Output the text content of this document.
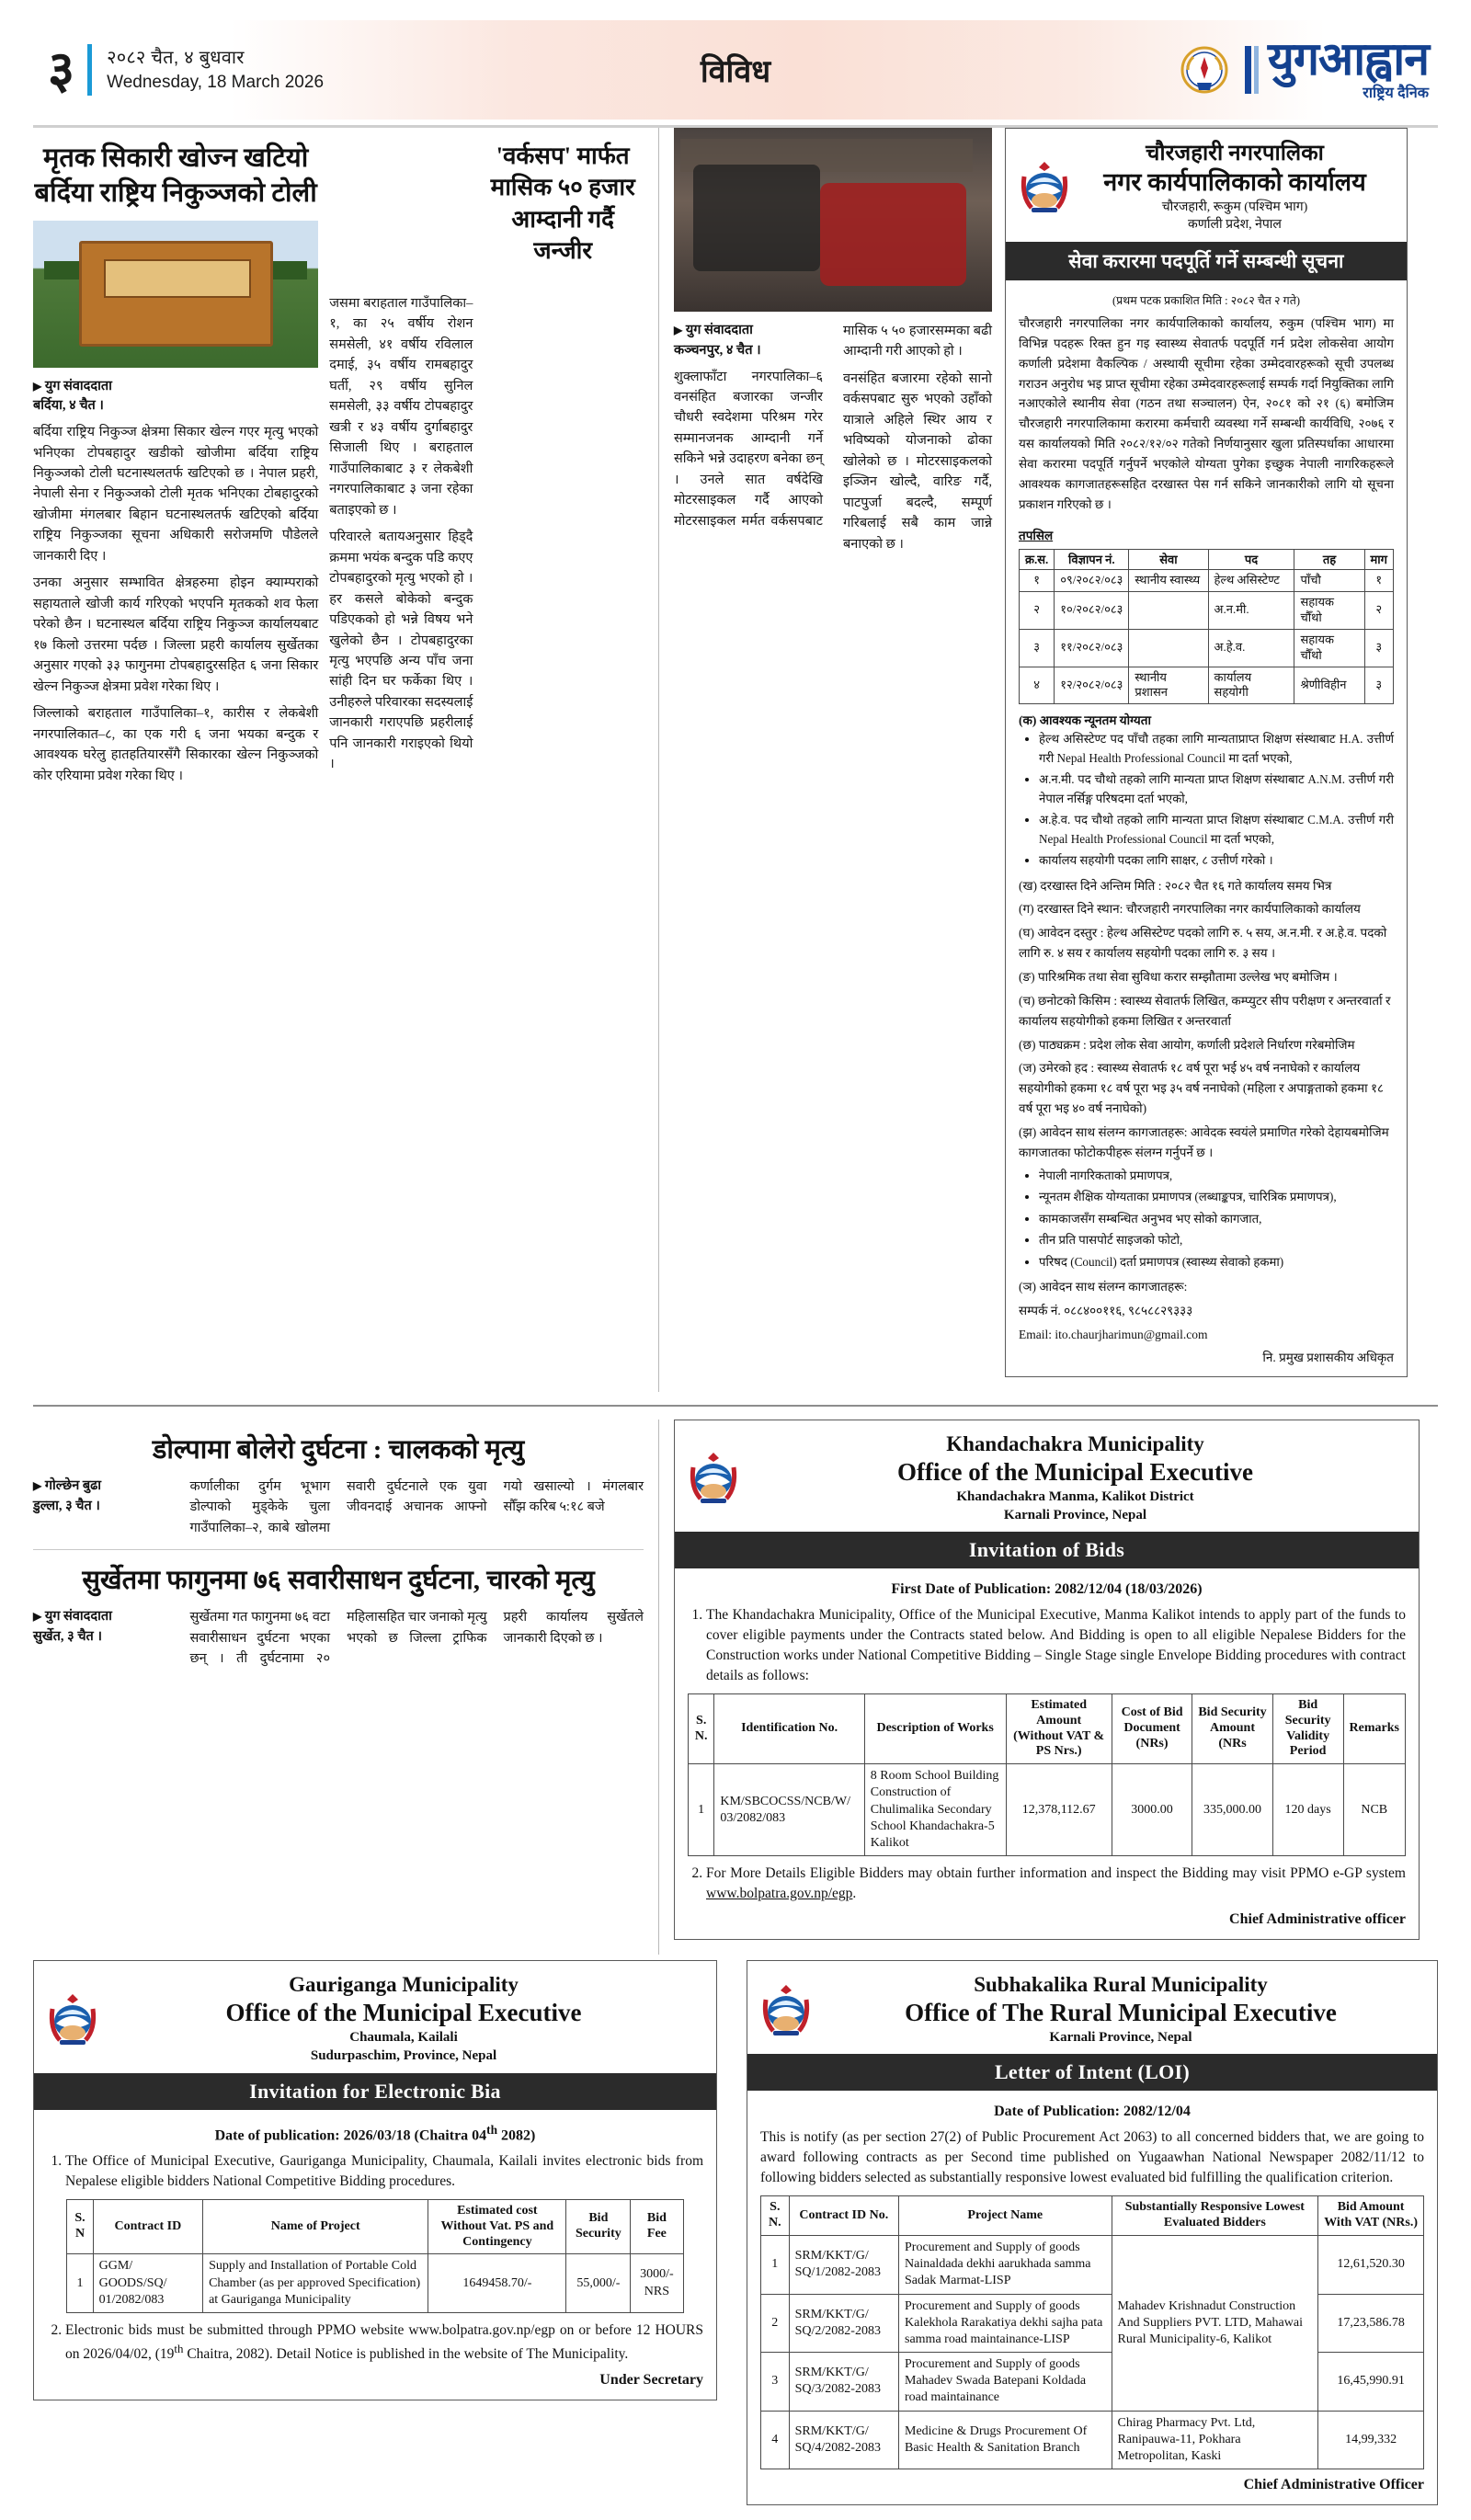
३	२०८२ चैत, ४ बुधवार
Wednesday, 18 March 2026	विविध	युगआह्वान
राष्ट्रिय दैनिक
मृतक सिकारी खोज्न खटियो
बर्दिया राष्ट्रिय निकुञ्जको टोली
▶ युग संवाददाता
बर्दिया, ४ चैत ।

बर्दिया राष्ट्रिय निकुञ्ज क्षेत्रमा सिकार खेल्न गएर मृत्यु भएको भनिएका टोपबहादुर खडीको खोजीमा बर्दिया राष्ट्रिय निकुञ्जको टोली घटनास्थलतर्फ खटिएको छ । नेपाल प्रहरी, नेपाली सेना र निकुञ्जको टोली मृतक भनिएका टोबहादुरको खोजीमा मंगलबार बिहान घटनास्थलतर्फ खटिएको बर्दिया राष्ट्रिय निकुञ्जका सूचना अधिकारी सरोजमणि पौडेलले जानकारी दिए ।

उनका अनुसार सम्भावित क्षेत्रहरुमा होइन क्याम्पराको सहायताले खोजी कार्य गरिएको भएपनि मृतकको शव फेला परेको छैन । घटनास्थल बर्दिया राष्ट्रिय निकुञ्ज कार्यालयबाट १७ किलो उत्तरमा पर्दछ । जिल्ला प्रहरी कार्यालय सुर्खेतका अनुसार गएको ३३ फागुनमा टोपबहादुरसहित ६ जना सिकार खेल्न निकुञ्ज क्षेत्रमा प्रवेश गरेका थिए ।

जिल्लाको बराहताल गाउँपालिका–१, कारीस र लेकबेशी नगरपालिकात–८, का एक गरी ६ जना भयका बन्दुक र आवश्यक घरेलु हातहतियारसँगै सिकारका खेल्न निकुञ्जको कोर एरियामा प्रवेश गरेका थिए ।

जसमा बराहताल गाउँपालिका–१, का २५ वर्षीय रोशन समसेली, ४१ वर्षीय रविलाल दमाई, ३५ वर्षीय रामबहादुर घर्ती, २९ वर्षीय सुनिल समसेली, ३३ वर्षीय टोपबहादुर खत्री र ४३ वर्षीय दुर्गाबहादुर सिजाली थिए । बराहताल गाउँपालिकाबाट ३ र लेकबेशी नगरपालिकाबाट ३ जना रहेका बताइएको छ ।

परिवारले बतायअनुसार हिड्दै क्रममा भयंक बन्दुक पडि कएए टोपबहादुरको मृत्यु भएको हो । हर कसले बोकेको बन्दुक पडिएकको हो भन्ने विषय भने खुलेको छैन । टोपबहादुरका मृत्यु भएपछि अन्य पाँच जना सांही दिन घर फर्केका थिए । उनीहरुले परिवारका सदस्यलाई जानकारी गराएपछि प्रहरीलाई पनि जानकारी गराइएको थियो ।

'वर्कसप' मार्फत मासिक ५० हजार आम्दानी गर्दै जन्जीर
▶ युग संवाददाता
कञ्चनपुर, ४ चैत ।

शुक्लाफाँटा नगरपालिका–६ वनसंहित बजारका जन्जीर चौधरी स्वदेशमा परिश्रम गरेर सम्मानजनक आम्दानी गर्ने सकिने भन्ने उदाहरण बनेका छन् । उनले सात वर्षदेखि मोटरसाइकल गर्दै आएको मोटरसाइकल मर्मत वर्कसपबाट मासिक ५ ५० हजारसम्मका बढी आम्दानी गरी आएको हो ।

वनसंहित बजारमा रहेको सानो वर्कसपबाट सुरु भएको उहाँको यात्राले अहिले स्थिर आय र भविष्यको योजनाको ढोका खोलेको छ । मोटरसाइकलको इञ्जिन खोल्दै, वारिङ गर्दै, पाटपुर्जा बदल्दै, सम्पूर्ण गरिबलाई सबै काम जान्ने बनाएको छ ।

चौरजहारी नगरपालिका
नगर कार्यपालिकाको कार्यालय
चौरजहारी, रूकुम (पश्चिम भाग)
कर्णाली प्रदेश, नेपाल
सेवा करारमा पदपूर्ति गर्ने सम्बन्धी सूचना
(प्रथम पटक प्रकाशित मिति : २०८२ चैत २ गते)

चौरजहारी नगरपालिका नगर कार्यपालिकाको कार्यालय, रुकुम (पश्चिम भाग) मा विभिन्न पदहरू रिक्त हुन गइ स्वास्थ्य सेवातर्फ पदपूर्ति गर्न प्रदेश लोकसेवा आयोग कर्णाली प्रदेशमा वैकल्पिक / अस्थायी सूचीमा रहेका उम्मेदवारहरूको सूची उपलब्ध गराउन अनुरोध भइ प्राप्त सूचीमा रहेका उम्मेदवारहरूलाई सम्पर्क गर्दा नियुक्तिका लागि नआएकोले स्थानीय सेवा (गठन तथा सञ्चालन) ऐन, २०८१ को २१ (६) बमोजिम चौरजहारी नगरपालिकामा करारमा कर्मचारी व्यवस्था गर्ने सम्बन्धी कार्यविधि, २०७६ र यस कार्यालयको मिति २०८२/१२/०२ गतेको निर्णयानुसार खुला प्रतिस्पर्धाका आधारमा सेवा करारमा पदपूर्ति गर्नुपर्ने भएकोले योग्यता पुगेका इच्छुक नेपाली नागरिकहरूले आवश्यक कागजातहरूसहित दरखास्त पेस गर्न सकिने जानकारीको लागि यो सूचना प्रकाशन गरिएको छ ।

तपसिल
क्र.स.	विज्ञापन नं.	सेवा	पद	तह	माग
१	०९/२०८२/०८३	स्थानीय स्वास्थ्य	हेल्थ असिस्टेण्ट	पाँचौ	१
२	१०/२०८२/०८३		अ.न.मी.	सहायक चौँथो	२
३	११/२०८२/०८३		अ.हे.व.	सहायक चौँथो	३
४	१२/२०८२/०८३	स्थानीय प्रशासन	कार्यालय सहयोगी	श्रेणीविहीन	३
(क) आवश्यक न्यूनतम योग्यता
• हेल्थ असिस्टेण्ट पद पाँचौ तहका लागि मान्यताप्राप्त शिक्षण संस्थाबाट H.A. उत्तीर्ण गरी Nepal Health Professional Council मा दर्ता भएको,
• अ.न.मी. पद चौथो तहको लागि मान्यता प्राप्त शिक्षण संस्थाबाट A.N.M. उत्तीर्ण गरी नेपाल नर्सिङ्ग परिषदमा दर्ता भएको,
• अ.हे.व. पद चौथो तहको लागि मान्यता प्राप्त शिक्षण संस्थाबाट C.M.A. उत्तीर्ण गरी Nepal Health Professional Council मा दर्ता भएको,
• कार्यालय सहयोगी पदका लागि साक्षर, ८ उत्तीर्ण गरेको ।
(ख) दरखास्त दिने अन्तिम मिति : २०८२ चैत १६ गते कार्यालय समय भित्र
(ग) दरखास्त दिने स्थान: चौरजहारी नगरपालिका नगर कार्यपालिकाको कार्यालय
(घ) आवेदन दस्तुर : हेल्थ असिस्टेण्ट पदको लागि रु. ५ सय, अ.न.मी. र अ.हे.व. पदको लागि रु. ४ सय र कार्यालय सहयोगी पदका लागि रु. ३ सय ।
(ङ) पारिश्रमिक तथा सेवा सुविधा करार सम्झौतामा उल्लेख भए बमोजिम ।
(च) छनोटको किसिम : स्वास्थ्य सेवातर्फ लिखित, कम्प्युटर सीप परीक्षण र अन्तरवार्ता र कार्यालय सहयोगीको हकमा लिखित र अन्तरवार्ता
(छ) पाठ्यक्रम : प्रदेश लोक सेवा आयोग, कर्णाली प्रदेशले निर्धारण गरेबमोजिम
(ज) उमेरको हद : स्वास्थ्य सेवातर्फ १८ वर्ष पूरा भई ४५ वर्ष ननाघेको र कार्यालय सहयोगीको हकमा १८ वर्ष पूरा भइ ३५ वर्ष ननाघेको (महिला र अपाङ्गताको हकमा १८ वर्ष पूरा भइ ४० वर्ष ननाघेको)
(झ) आवेदन साथ संलग्न कागजातहरू: आवेदक स्वयंले प्रमाणित गरेको देहायबमोजिम कागजातका फोटोकपीहरू संलग्न गर्नुपर्ने छ ।
• नेपाली नागरिकताको प्रमाणपत्र,
• न्यूनतम शैक्षिक योग्यताका प्रमाणपत्र (लब्धाङ्कपत्र, चारित्रिक प्रमाणपत्र),
• कामकाजसँग सम्बन्धित अनुभव भए सोको कागजात,
• तीन प्रति पासपोर्ट साइजको फोटो,
• परिषद (Council) दर्ता प्रमाणपत्र (स्वास्थ्य सेवाको हकमा)
(ञ) आवेदन साथ संलग्न कागजातहरू:
सम्पर्क नं. ०८८४००११६, ९८५८८२९३३३
Email: ito.chaurjharimun@gmail.com
नि. प्रमुख प्रशासकीय अधिकृत
डोल्पामा बोलेरो दुर्घटना : चालकको मृत्यु
▶ गोल्छेन बुढा
डुल्ला, ३ चैत ।

कर्णालीका दुर्गम भूभाग डोल्पाको मुड्केके चुला गाउँपालिका–२, काबे खोलमा सवारी दुर्घटनाले एक युवा जीवनदाई अचानक आफ्नो गयो खसाल्यो । मंगलबार सौँझ करिब ५:१८ बजे

सुर्खेतमा फागुनमा ७६ सवारीसाधन दुर्घटना, चारको मृत्यु
▶ युग संवाददाता
सुर्खेत, ३ चैत ।

सुर्खेतमा गत फागुनमा ७६ वटा सवारीसाधन दुर्घटना भएका छन् । ती दुर्घटनामा २० महिलासहित चार जनाको मृत्यु भएको छ जिल्ला ट्राफिक प्रहरी कार्यालय सुर्खेतले जानकारी दिएको छ ।

Khandachakra Municipality
Office of the Municipal Executive
Khandachakra Manma, Kalikot District
Karnali Province, Nepal
Invitation of Bids
First Date of Publication: 2082/12/04 (18/03/2026)
1. The Khandachakra Municipality, Office of the Municipal Executive, Manma Kalikot intends to apply part of the funds to cover eligible payments under the Contracts stated below. And Bidding is open to all eligible Nepalese Bidders for the Construction works under National Competitive Bidding – Single Stage single Envelope Bidding procedures with contract details as follows:
S. N.	Identification No.	Description of Works	Estimated Amount (Without VAT & PS Nrs.)	Cost of Bid Document (NRs)	Bid Security Amount (NRs	Bid Security Validity Period	Remarks
1	KM/SBCOCSS/NCB/W/ 03/2082/083	8 Room School Building Construction of Chulimalika Secondary School Khandachakra-5 Kalikot	12,378,112.67	3000.00	335,000.00	120 days	NCB
2. For More Details Eligible Bidders may obtain further information and inspect the Bidding may visit PPMO e-GP system www.bolpatra.gov.np/egp.
Chief Administrative officer
Gauriganga Municipality
Office of the Municipal Executive
Chaumala, Kailali
Sudurpaschim, Province, Nepal
Invitation for Electronic Bia
Date of publication: 2026/03/18 (Chaitra 04th 2082)
1. The Office of Municipal Executive, Gauriganga Municipality, Chaumala, Kailali invites electronic bids from Nepalese eligible bidders National Competitive Bidding procedures.
S. N	Contract ID	Name of Project	Estimated cost Without Vat. PS and Contingency	Bid Security	Bid Fee
1	GGM/ GOODS/SQ/ 01/2082/083	Supply and Installation of Portable Cold Chamber (as per approved Specification) at Gauriganga Municipality	1649458.70/-	55,000/-	3000/-NRS
2. Electronic bids must be submitted through PPMO website www.bolpatra.gov.np/egp on or before 12 HOURS on 2026/04/02, (19th Chaitra, 2082). Detail Notice is published in the website of The Municipality.
Under Secretary
Subhakalika Rural Municipality
Office of The Rural Municipal Executive
Karnali Province, Nepal
Letter of Intent (LOI)
Date of Publication: 2082/12/04

This is notify (as per section 27(2) of Public Procurement Act 2063) to all concerned bidders that, we are going to award following contracts as per Second time published on Yugaawhan National Newspaper 2082/11/12 to following bidders selected as substantially responsive lowest evaluated bid fulfilling the qualification criterion.

S. N.	Contract ID No.	Project Name	Substantially Responsive Lowest Evaluated Bidders	Bid Amount With VAT (NRs.)
1	SRM/KKT/G/ SQ/1/2082-2083	Procurement and Supply of goods Nainaldada dekhi aarukhada samma Sadak Marmat-LISP	Mahadev Krishnadut Construction And Suppliers PVT. LTD, Mahawai Rural Municipality-6, Kalikot	12,61,520.30
2	SRM/KKT/G/ SQ/2/2082-2083	Procurement and Supply of goods Kalekhola Rarakatiya dekhi sajha pata samma road maintainance-LISP		17,23,586.78
3	SRM/KKT/G/ SQ/3/2082-2083	Procurement and Supply of goods Mahadev Swada Batepani Koldada road maintainance		16,45,990.91
4	SRM/KKT/G/ SQ/4/2082-2083	Medicine & Drugs Procurement Of Basic Health & Sanitation Branch	Chirag Pharmacy Pvt. Ltd, Ranipauwa-11, Pokhara Metropolitan, Kaski	14,99,332
Chief Administrative Officer
